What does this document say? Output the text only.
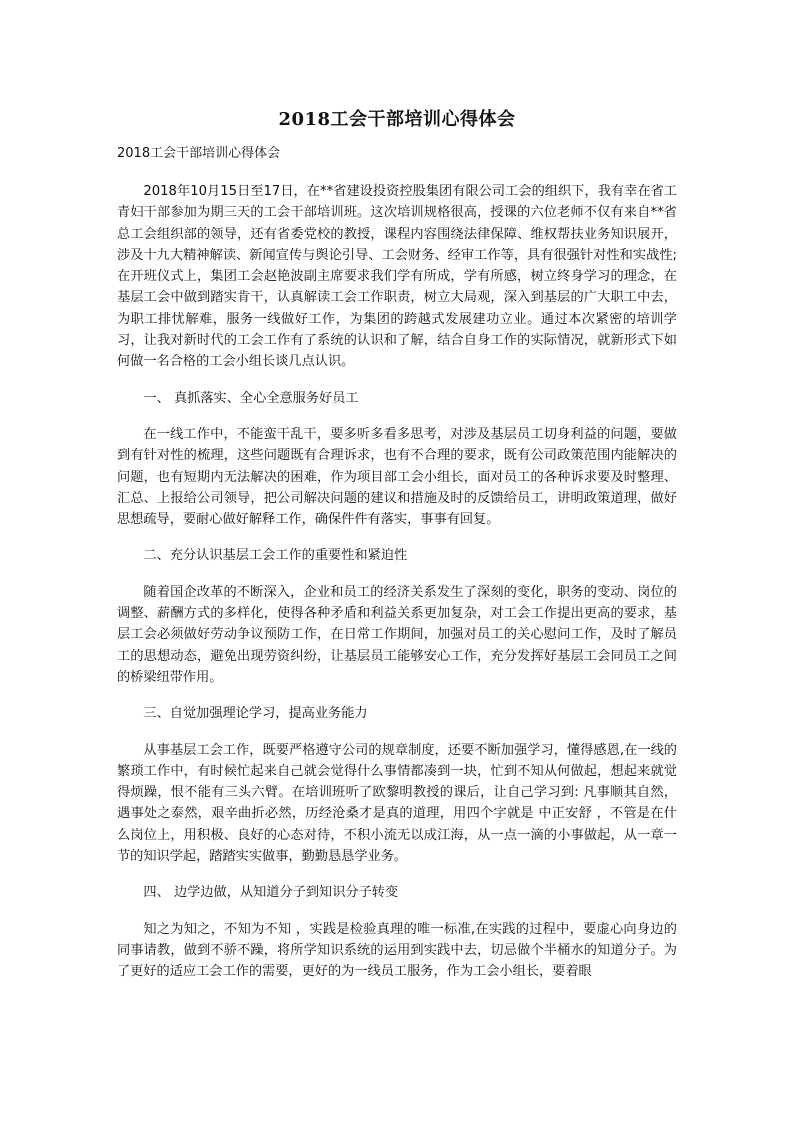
2018工会干部培训心得体会
2018工会干部培训心得体会

2018年10月15日至17日，在**省建设投资控股集团有限公司工会的组织下，我有幸在省工青妇干部参加为期三天的工会干部培训班。这次培训规格很高，授课的六位老师不仅有来自**省总工会组织部的领导，还有省委党校的教授，课程内容围绕法律保障、维权帮扶业务知识展开，涉及十九大精神解读、新闻宣传与舆论引导、工会财务、经审工作等，具有很强针对性和实战性;在开班仪式上，集团工会赵艳波副主席要求我们学有所成，学有所感，树立终身学习的理念，在基层工会中做到踏实肯干，认真解读工会工作职责，树立大局观，深入到基层的广大职工中去，为职工排忧解难，服务一线做好工作，为集团的跨越式发展建功立业。通过本次紧密的培训学习，让我对新时代的工会工作有了系统的认识和了解，结合自身工作的实际情况，就新形式下如何做一名合格的工会小组长谈几点认识。

一、 真抓落实、全心全意服务好员工

在一线工作中，不能蛮干乱干，要多听多看多思考，对涉及基层员工切身利益的问题，要做到有针对性的梳理，这些问题既有合理诉求，也有不合理的要求，既有公司政策范围内能解决的问题，也有短期内无法解决的困难，作为项目部工会小组长，面对员工的各种诉求要及时整理、汇总、上报给公司领导，把公司解决问题的建议和措施及时的反馈给员工，讲明政策道理，做好思想疏导，要耐心做好解释工作，确保件件有落实，事事有回复。

二、充分认识基层工会工作的重要性和紧迫性

随着国企改革的不断深入，企业和员工的经济关系发生了深刻的变化，职务的变动、岗位的调整、薪酬方式的多样化，使得各种矛盾和利益关系更加复杂，对工会工作提出更高的要求，基层工会必须做好劳动争议预防工作，在日常工作期间，加强对员工的关心慰问工作，及时了解员工的思想动态，避免出现劳资纠纷，让基层员工能够安心工作，充分发挥好基层工会同员工之间的桥梁纽带作用。

三、自觉加强理论学习，提高业务能力

从事基层工会工作，既要严格遵守公司的规章制度，还要不断加强学习，懂得感恩,在一线的繁琐工作中，有时候忙起来自己就会觉得什么事情都凑到一块，忙到不知从何做起，想起来就觉得烦躁，恨不能有三头六臂。在培训班听了欧黎明教授的课后，让自己学习到: 凡事顺其自然，遇事处之泰然，艰辛曲折必然，历经沧桑才是真的道理，用四个字就是 中正安舒 ，不管是在什么岗位上，用积极、良好的心态对待，不积小流无以成江海，从一点一滴的小事做起，从一章一节的知识学起，踏踏实实做事，勤勤恳恳学业务。

四、 边学边做，从知道分子到知识分子转变

知之为知之，不知为不知 ，实践是检验真理的唯一标准,在实践的过程中，要虚心向身边的同事请教，做到不骄不躁，将所学知识系统的运用到实践中去，切忌做个半桶水的知道分子。为了更好的适应工会工作的需要，更好的为一线员工服务，作为工会小组长，要着眼
